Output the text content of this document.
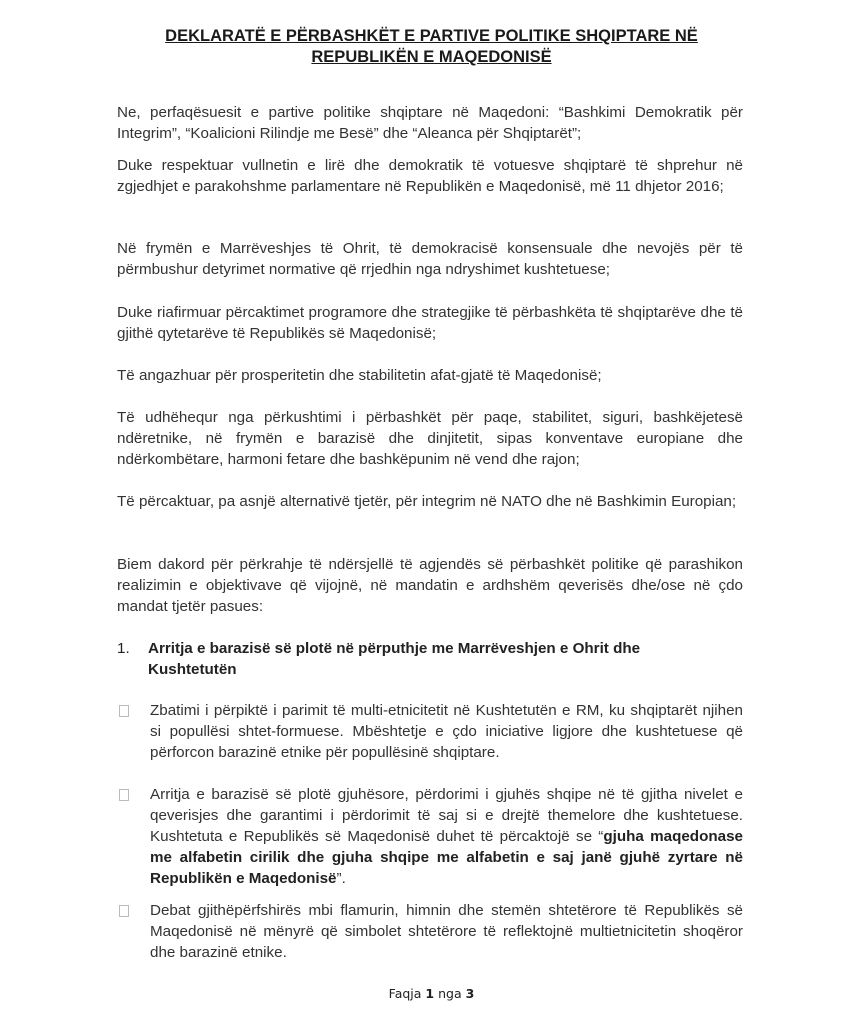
DEKLARATË E PËRBASHKËT E PARTIVE POLITIKE SHQIPTARE NË
REPUBLIKËN E MAQEDONISË
Ne, perfaqësuesit e partive politike shqiptare në Maqedoni: “Bashkimi Demokratik për Integrim”, “Koalicioni Rilindje me Besë” dhe “Aleanca për Shqiptarët”;
Duke respektuar vullnetin e lirë dhe demokratik të votuesve shqiptarë të shprehur në zgjedhjet e parakohshme parlamentare në Republikën e Maqedonisë, më 11 dhjetor 2016;
Në frymën e Marrëveshjes të Ohrit, të demokracisë konsensuale dhe nevojës për të përmbushur detyrimet normative që rrjedhin nga ndryshimet kushtetuese;
Duke riafirmuar përcaktimet programore dhe strategjike të përbashkëta të shqiptarëve dhe të gjithë qytetarëve të Republikës së Maqedonisë;
Të angazhuar për prosperitetin dhe stabilitetin afat-gjatë të Maqedonisë;
Të udhëhequr nga përkushtimi i përbashkët për paqe, stabilitet, siguri, bashkëjetesë ndëretnike, në frymën e barazisë dhe dinjitetit, sipas konventave europiane dhe ndërkombëtare, harmoni fetare dhe bashkëpunim në vend dhe rajon;
Të përcaktuar, pa asnjë alternativë tjetër, për integrim në NATO dhe në Bashkimin Europian;
Biem dakord për përkrahje të ndërsjellë të agjendës së përbashkët politike që parashikon realizimin e objektivave që vijojnë, në mandatin e ardhshëm qeverisës dhe/ose në çdo mandat tjetër pasues:
1.	Arritja e barazisë së plotë në përputhje me Marrëveshjen e Ohrit dhe
Kushtetutën
Zbatimi i përpiktë i parimit të multi-etnicitetit në Kushtetutën e RM, ku shqiptarët njihen si popullësi shtet-formuese. Mbështetje e çdo iniciative ligjore dhe kushtetuese që përforcon barazinë etnike për popullësinë shqiptare.
Arritja e barazisë së plotë gjuhësore, përdorimi i gjuhës shqipe në të gjitha nivelet e qeverisjes dhe garantimi i përdorimit të saj si e drejtë themelore dhe kushtetuese. Kushtetuta e Republikës së Maqedonisë duhet të përcaktojë se “gjuha maqedonase me alfabetin cirilik dhe gjuha shqipe me alfabetin e saj janë gjuhë zyrtare në Republikën e Maqedonisë”.
Debat gjithëpërfshirës mbi flamurin, himnin dhe stemën shtetërore të Republikës së Maqedonisë në mënyrë që simbolet shtetërore të reflektojnë multietnicitetin shoqëror dhe barazinë etnike.
Faqja 1 nga 3
